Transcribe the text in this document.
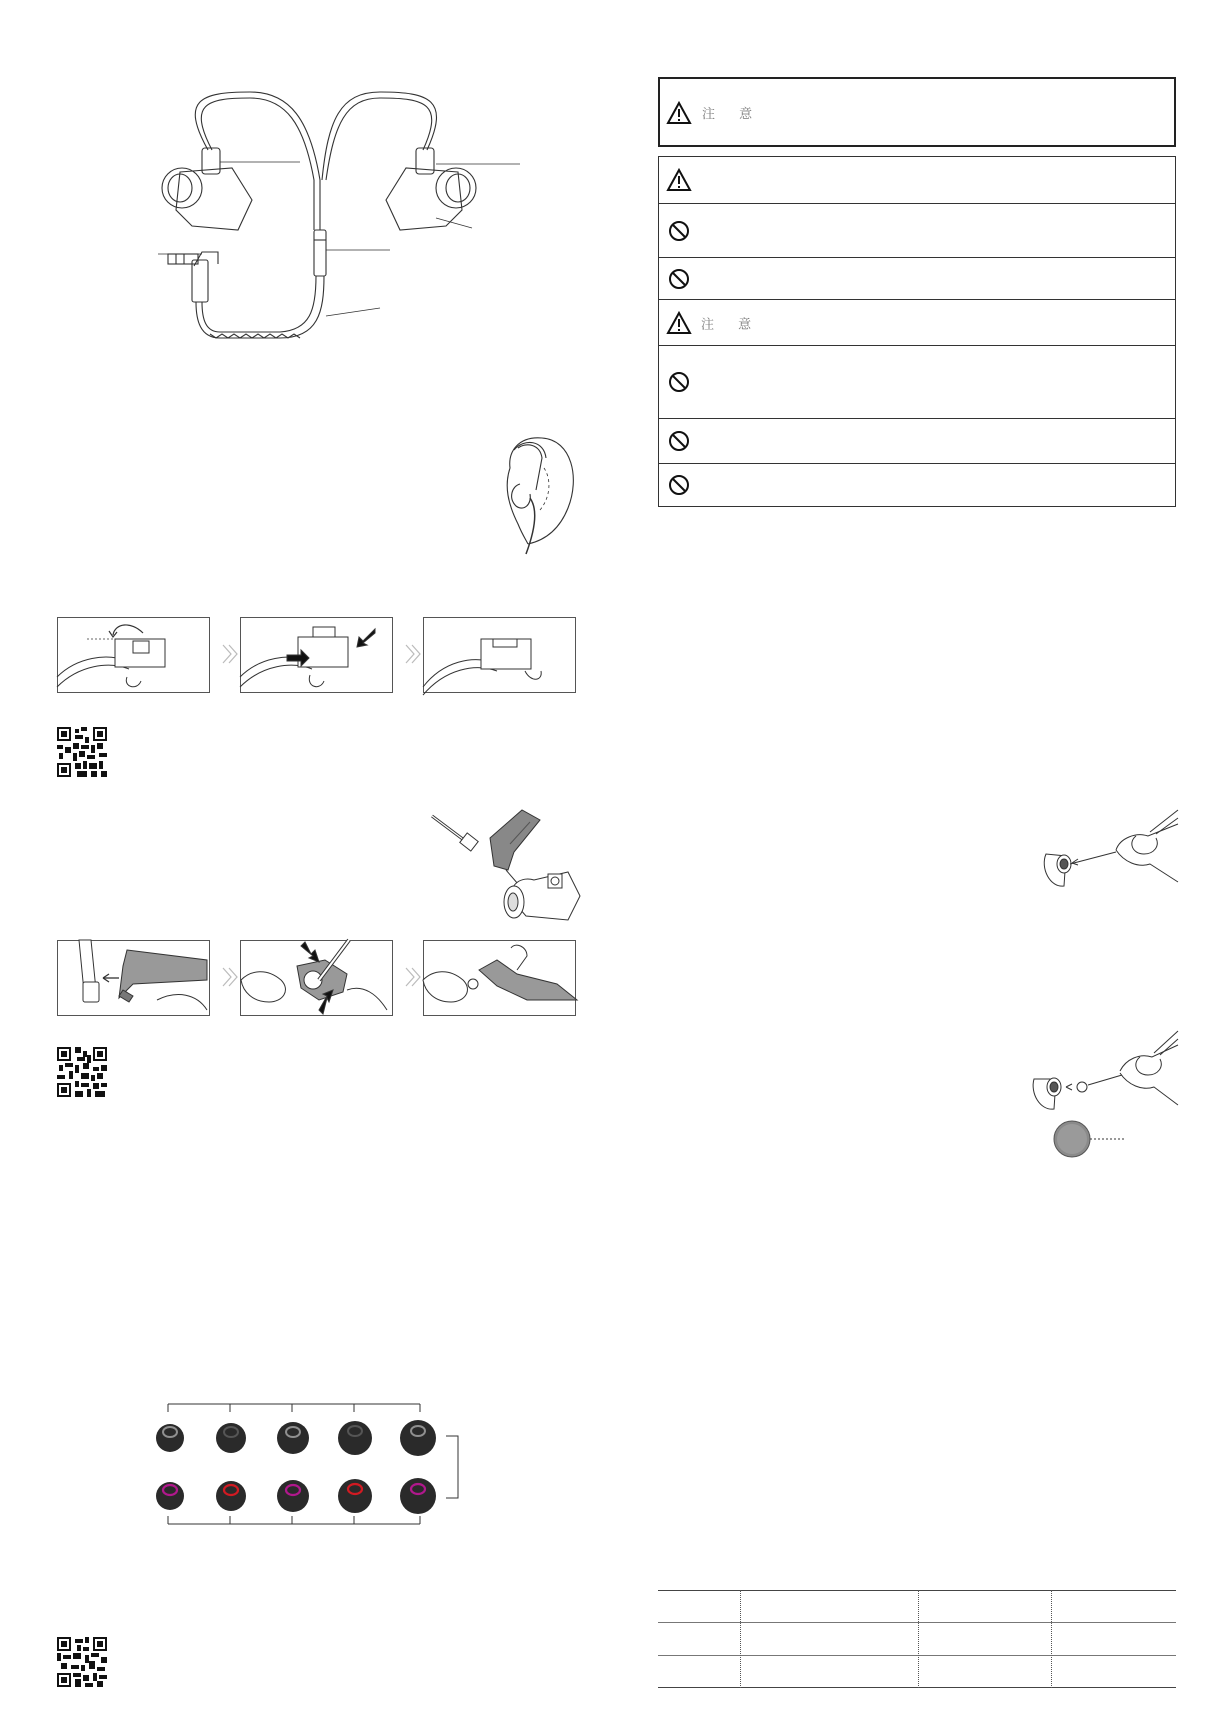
注 意
注 意
